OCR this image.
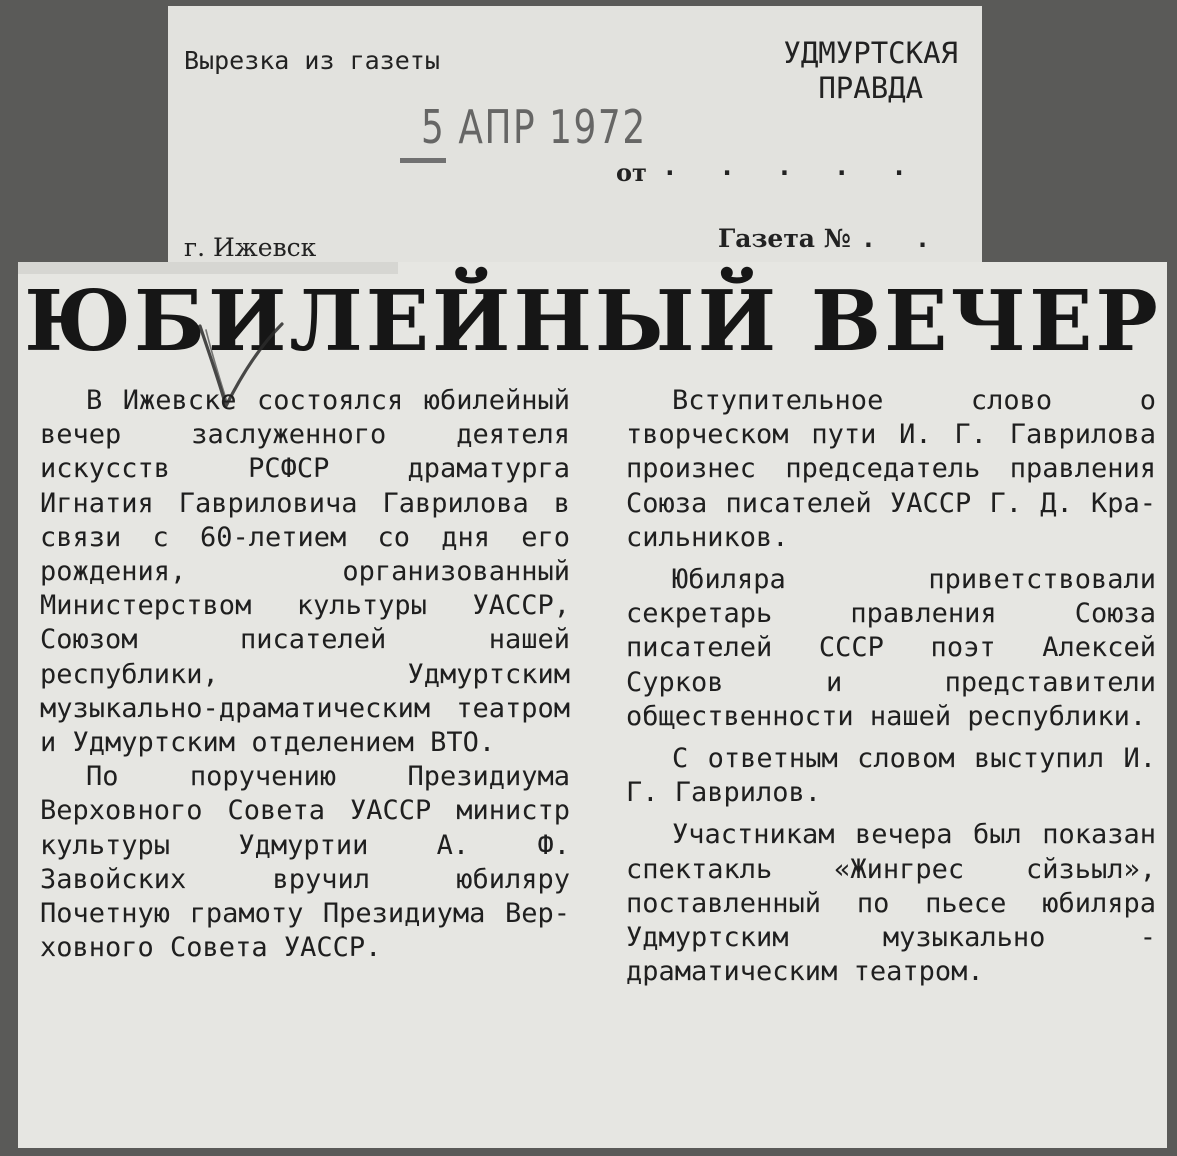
Вырезка из газеты	УДМУРТСКАЯ
ПРАВДА
5 АПР 1972
от . . . . .
г. Ижевск	Газета № . .
ЮБИЛЕЙНЫЙ ВЕЧЕР

В Ижевске состоялся юбилейный вечер заслуженного деятеля искусств РСФСР драматурга Игнатия Гавриловича Гаврилова в связи с 60-летием со дня его рождения, организованный Министерством культуры УАССР, Союзом писателей нашей республики, Удмуртским музыкально-драматическим театром и Удмуртским отделением ВТО.

По поручению Президиума Верховного Совета УАССР министр культуры Удмуртии А. Ф. Завойских вручил юбиляру Почетную грамоту Президиума Верховного Совета УАССР.

Вступительное слово о творческом пути И. Г. Гаврилова произнес председатель правления Союза писателей УАССР Г. Д. Красильников.

Юбиляра приветствовали секретарь правления Союза писателей СССР поэт Алексей Сурков и представители общественности нашей республики.

С ответным словом выступил И. Г. Гаврилов.

Участникам вечера был показан спектакль «Жингрес сйзьыл», поставленный по пьесе юбиляра Удмуртским музыкально - драматическим театром.
